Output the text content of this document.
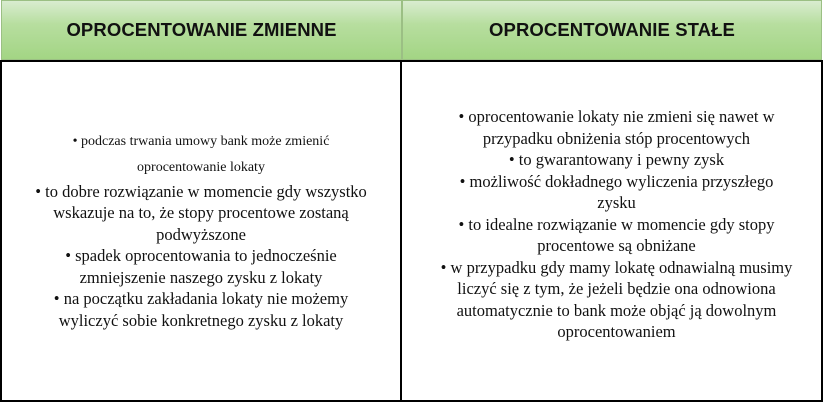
OPROCENTOWANIE ZMIENNE	OPROCENTOWANIE STAŁE
• podczas trwania umowy bank może zmienić oprocentowanie lokaty
• to dobre rozwiązanie w momencie gdy wszystko wskazuje na to, że stopy procentowe zostaną podwyższone
• spadek oprocentowania to jednocześnie zmniejszenie naszego zysku z lokaty
• na początku zakładania lokaty nie możemy wyliczyć sobie konkretnego zysku z lokaty
• oprocentowanie lokaty nie zmieni się nawet w przypadku obniżenia stóp procentowych
• to gwarantowany i pewny zysk
• możliwość dokładnego wyliczenia przyszłego zysku
• to idealne rozwiązanie w momencie gdy stopy procentowe są obniżane
• w przypadku gdy mamy lokatę odnawialną musimy liczyć się z tym, że jeżeli będzie ona odnowiona automatycznie to bank może objąć ją dowolnym oprocentowaniem
